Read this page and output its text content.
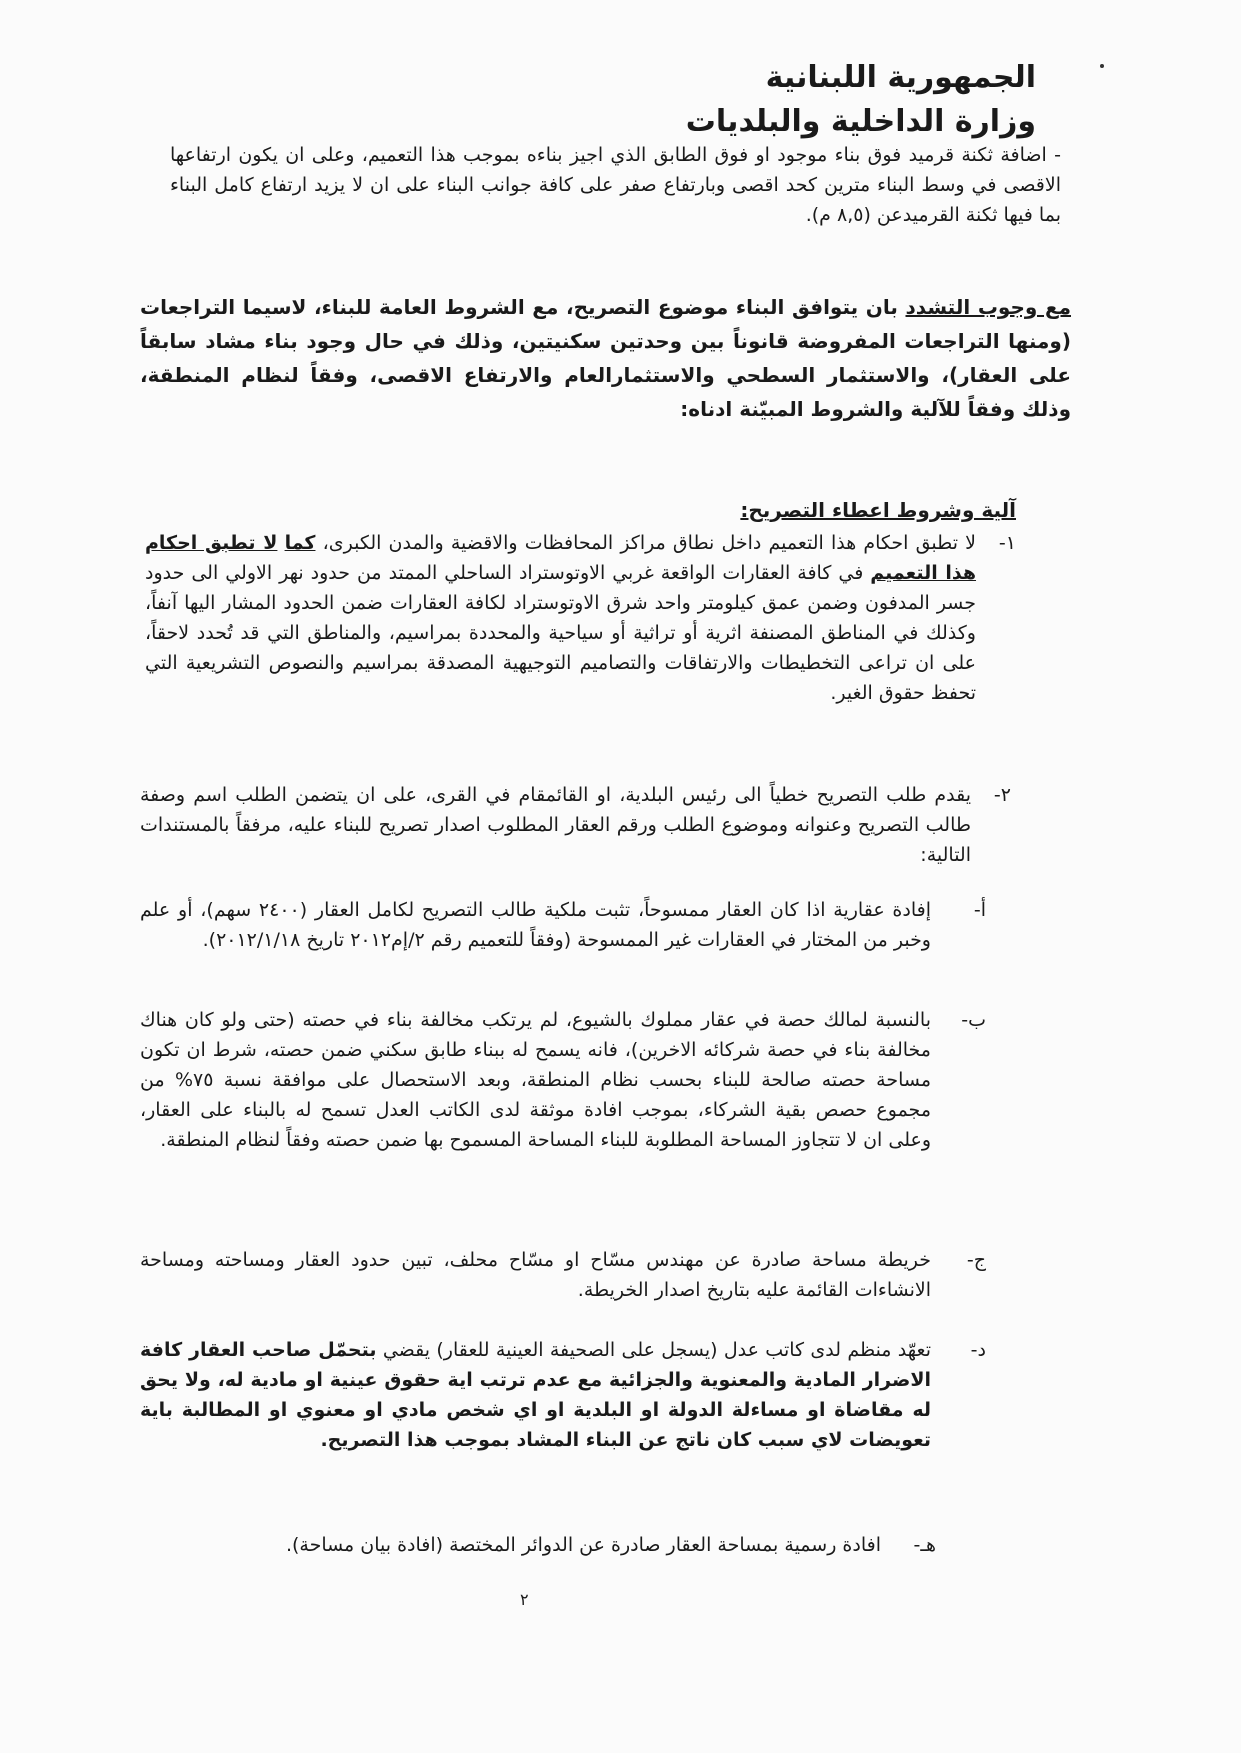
الجمهورية اللبنانية
وزارة الداخلية والبلديات
- اضافة ثكنة قرميد فوق بناء موجود او فوق الطابق الذي اجيز بناءه بموجب هذا التعميم، وعلى ان يكون ارتفاعها الاقصى في وسط البناء مترين كحد اقصى وبارتفاع صفر على كافة جوانب البناء على ان لا يزيد ارتفاع كامل البناء بما فيها ثكنة القرميدعن (٨,٥ م).
مع وجوب التشدد بان يتوافق البناء موضوع التصريح، مع الشروط العامة للبناء، لاسيما التراجعات (ومنها التراجعات المفروضة قانوناً بين وحدتين سكنيتين، وذلك في حال وجود بناء مشاد سابقاً على العقار)، والاستثمار السطحي والاستثمارالعام والارتفاع الاقصى، وفقاً لنظام المنطقة، وذلك وفقاً للآلية والشروط المبيّنة ادناه:
آلية وشروط اعطاء التصريح:
١-
لا تطبق احكام هذا التعميم داخل نطاق مراكز المحافظات والاقضية والمدن الكبرى، كما لا تطبق احكام هذا التعميم في كافة العقارات الواقعة غربي الاوتوستراد الساحلي الممتد من حدود نهر الاولي الى حدود جسر المدفون وضمن عمق كيلومتر واحد شرق الاوتوستراد لكافة العقارات ضمن الحدود المشار اليها آنفاً، وكذلك في المناطق المصنفة اثرية أو تراثية أو سياحية والمحددة بمراسيم، والمناطق التي قد تُحدد لاحقاً، على ان تراعى التخطيطات والارتفاقات والتصاميم التوجيهية المصدقة بمراسيم والنصوص التشريعية التي تحفظ حقوق الغير.
٢-
يقدم طلب التصريح خطياً الى رئيس البلدية، او القائمقام في القرى، على ان يتضمن الطلب اسم وصفة طالب التصريح وعنوانه وموضوع الطلب ورقم العقار المطلوب اصدار تصريح للبناء عليه، مرفقاً بالمستندات التالية:
أ-
إفادة عقارية اذا كان العقار ممسوحاً، تثبت ملكية طالب التصريح لكامل العقار (٢٤٠٠ سهم)، أو علم وخبر من المختار في العقارات غير الممسوحة (وفقاً للتعميم رقم ٢/إم٢٠١٢ تاريخ ٢٠١٢/١/١٨).
ب-
بالنسبة لمالك حصة في عقار مملوك بالشيوع، لم يرتكب مخالفة بناء في حصته (حتى ولو كان هناك مخالفة بناء في حصة شركائه الاخرين)، فانه يسمح له ببناء طابق سكني ضمن حصته، شرط ان تكون مساحة حصته صالحة للبناء بحسب نظام المنطقة، وبعد الاستحصال على موافقة نسبة ٧٥% من مجموع حصص بقية الشركاء، بموجب افادة موثقة لدى الكاتب العدل تسمح له بالبناء على العقار، وعلى ان لا تتجاوز المساحة المطلوبة للبناء المساحة المسموح بها ضمن حصته وفقاً لنظام المنطقة.
ج-
خريطة مساحة صادرة عن مهندس مسّاح او مسّاح محلف، تبين حدود العقار ومساحته ومساحة الانشاءات القائمة عليه بتاريخ اصدار الخريطة.
د-
تعهّد منظم لدى كاتب عدل (يسجل على الصحيفة العينية للعقار) يقضي بتحمّل صاحب العقار كافة الاضرار المادية والمعنوية والجزائية مع عدم ترتب اية حقوق عينية او مادية له، ولا يحق له مقاضاة او مساءلة الدولة او البلدية او اي شخص مادي او معنوي او المطالبة باية تعويضات لاي سبب كان ناتج عن البناء المشاد بموجب هذا التصريح.
هـ-
افادة رسمية بمساحة العقار صادرة عن الدوائر المختصة (افادة بيان مساحة).
٢
